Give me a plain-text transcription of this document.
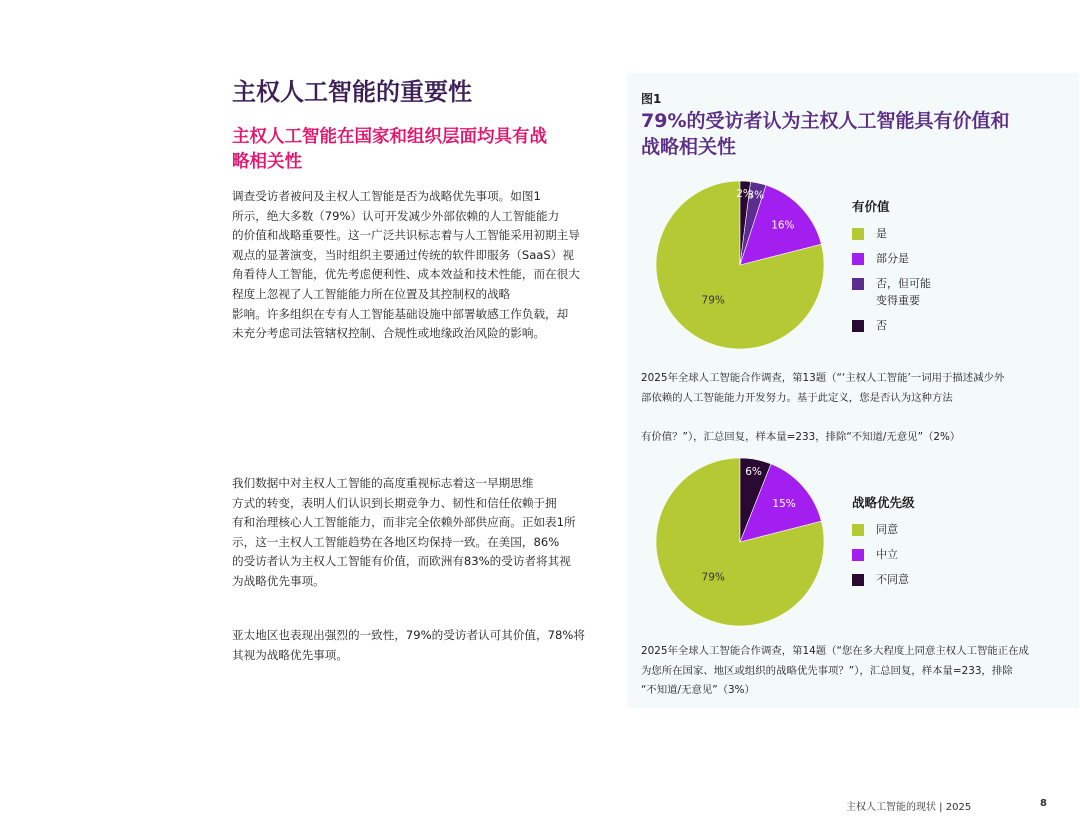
主权人工智能的重要性
主权人工智能在国家和组织层面均具有战
略相关性
调查受访者被问及主权人工智能是否为战略优先事项。如图1
所示，绝大多数（79%）认可开发减少外部依赖的人工智能能力
的价值和战略重要性。这一广泛共识标志着与人工智能采用初期主导
观点的显著演变，当时组织主要通过传统的软件即服务（SaaS）视
角看待人工智能，优先考虑便利性、成本效益和技术性能，而在很大
程度上忽视了人工智能能力所在位置及其控制权的战略
影响。许多组织在专有人工智能基础设施中部署敏感工作负载，却
未充分考虑司法管辖权控制、合规性或地缘政治风险的影响。
我们数据中对主权人工智能的高度重视标志着这一早期思维
方式的转变，表明人们认识到长期竞争力、韧性和信任依赖于拥
有和治理核心人工智能能力，而非完全依赖外部供应商。正如表1所
示，这一主权人工智能趋势在各地区均保持一致。在美国，86%
的受访者认为主权人工智能有价值，而欧洲有83%的受访者将其视
为战略优先事项。
亚太地区也表现出强烈的一致性，79%的受访者认可其价值，78%将
其视为战略优先事项。
图1
79%的受访者认为主权人工智能具有价值和
战略相关性
79%
16%
3%
2%
有价值
是
部分是
否，但可能
变得重要
否
2025年全球人工智能合作调查，第13题（“‘主权人工智能’一词用于描述减少外
部依赖的人工智能能力开发努力。基于此定义，您是否认为这种方法
有价值？”），汇总回复，样本量=233，排除“不知道/无意见”（2%）
79%
15%
6%
战略优先级
同意
中立
不同意
2025年全球人工智能合作调查，第14题（“您在多大程度上同意主权人工智能正在成
为您所在国家、地区或组织的战略优先事项？”），汇总回复，样本量=233，排除
“不知道/无意见”（3%）
主权人工智能的现状 | 2025	8
